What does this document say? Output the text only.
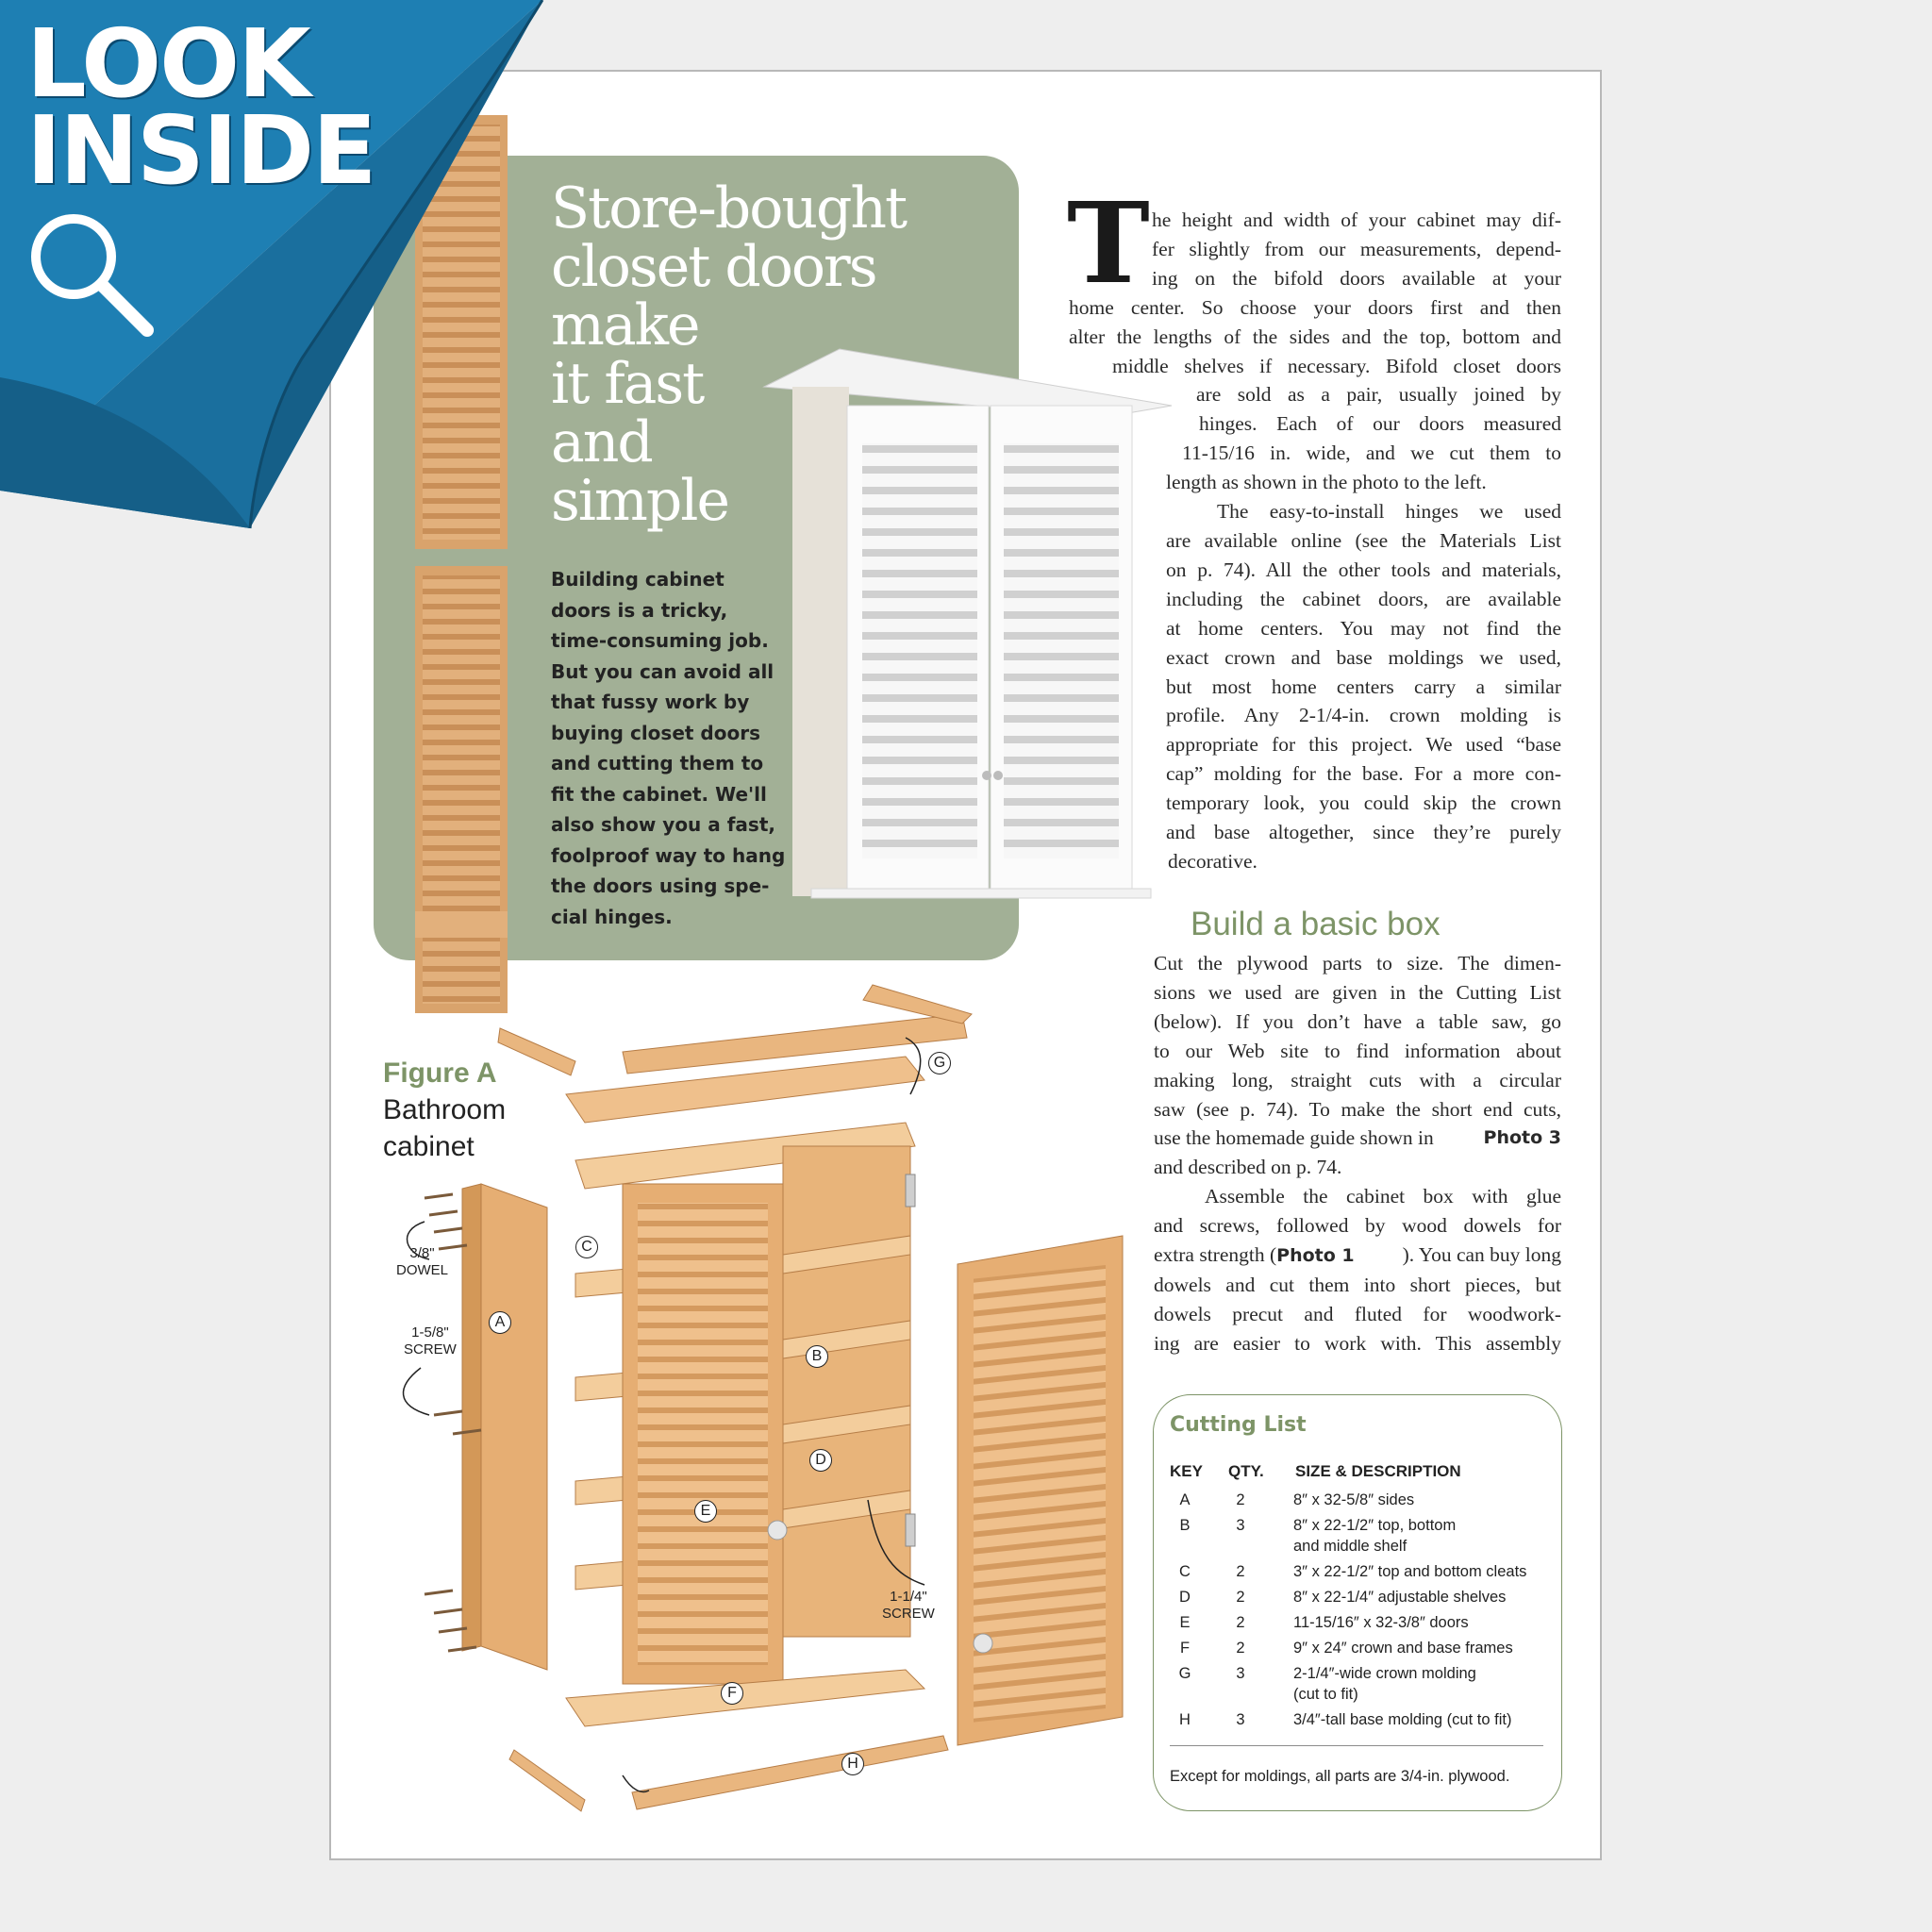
LOOK
INSIDE
Store-bought
closet doors
make
it fast
and
simple
Building cabinet
doors is a tricky,
time-consuming job.
But you can avoid all
that fussy work by
buying closet doors
and cutting them to
fit the cabinet. We'll
also show you a fast,
foolproof way to hang
the doors using spe-
cial hinges.
T he height and width of your cabinet may dif-
fer slightly from our measurements, depend-
ing on the bifold doors available at your
home center. So choose your doors first and then
alter the lengths of the sides and the top, bottom and
middle shelves if necessary. Bifold closet doors
are sold as a pair, usually joined by
hinges. Each of our doors measured
11-15/16 in. wide, and we cut them to
length as shown in the photo to the left.
The easy-to-install hinges we used
are available online (see the Materials List
on p. 74). All the other tools and materials,
including the cabinet doors, are available
at home centers. You may not find the
exact crown and base moldings we used,
but most home centers carry a similar
profile. Any 2-1/4-in. crown molding is
appropriate for this project. We used “base
cap” molding for the base. For a more con-
temporary look, you could skip the crown
and base altogether, since they’re purely
decorative.
Build a basic box
Cut the plywood parts to size. The dimen-
sions we used are given in the Cutting List
(below). If you don’t have a table saw, go
to our Web site to find information about
making long, straight cuts with a circular
saw (see p. 74). To make the short end cuts,
use the homemade guide shown in	Photo 3
and described on p. 74.
Assemble the cabinet box with glue
and screws, followed by wood dowels for
extra strength (Photo 1 ). You can buy long
dowels and cut them into short pieces, but
dowels precut and fluted for woodwork-
ing are easier to work with. This assembly
Figure A
Bathroom
cabinet
3/8"
DOWEL
1-5/8"
SCREW
1-1/4"
SCREW
A
B
C
D
E
F
G
H
Cutting List
KEY QTY. SIZE & DESCRIPTION
A	2	8″ x 32-5/8″ sides
B	3	8″ x 22-1/2″ top, bottom
and middle shelf
C	2	3″ x 22-1/2″ top and bottom cleats
D	2	8″ x 22-1/4″ adjustable shelves
E	2	11-15/16″ x 32-3/8″ doors
F	2	9″ x 24″ crown and base frames
G	3	2-1/4″-wide crown molding
(cut to fit)
H	3	3/4″-tall base molding (cut to fit)
Except for moldings, all parts are 3/4-in. plywood.
